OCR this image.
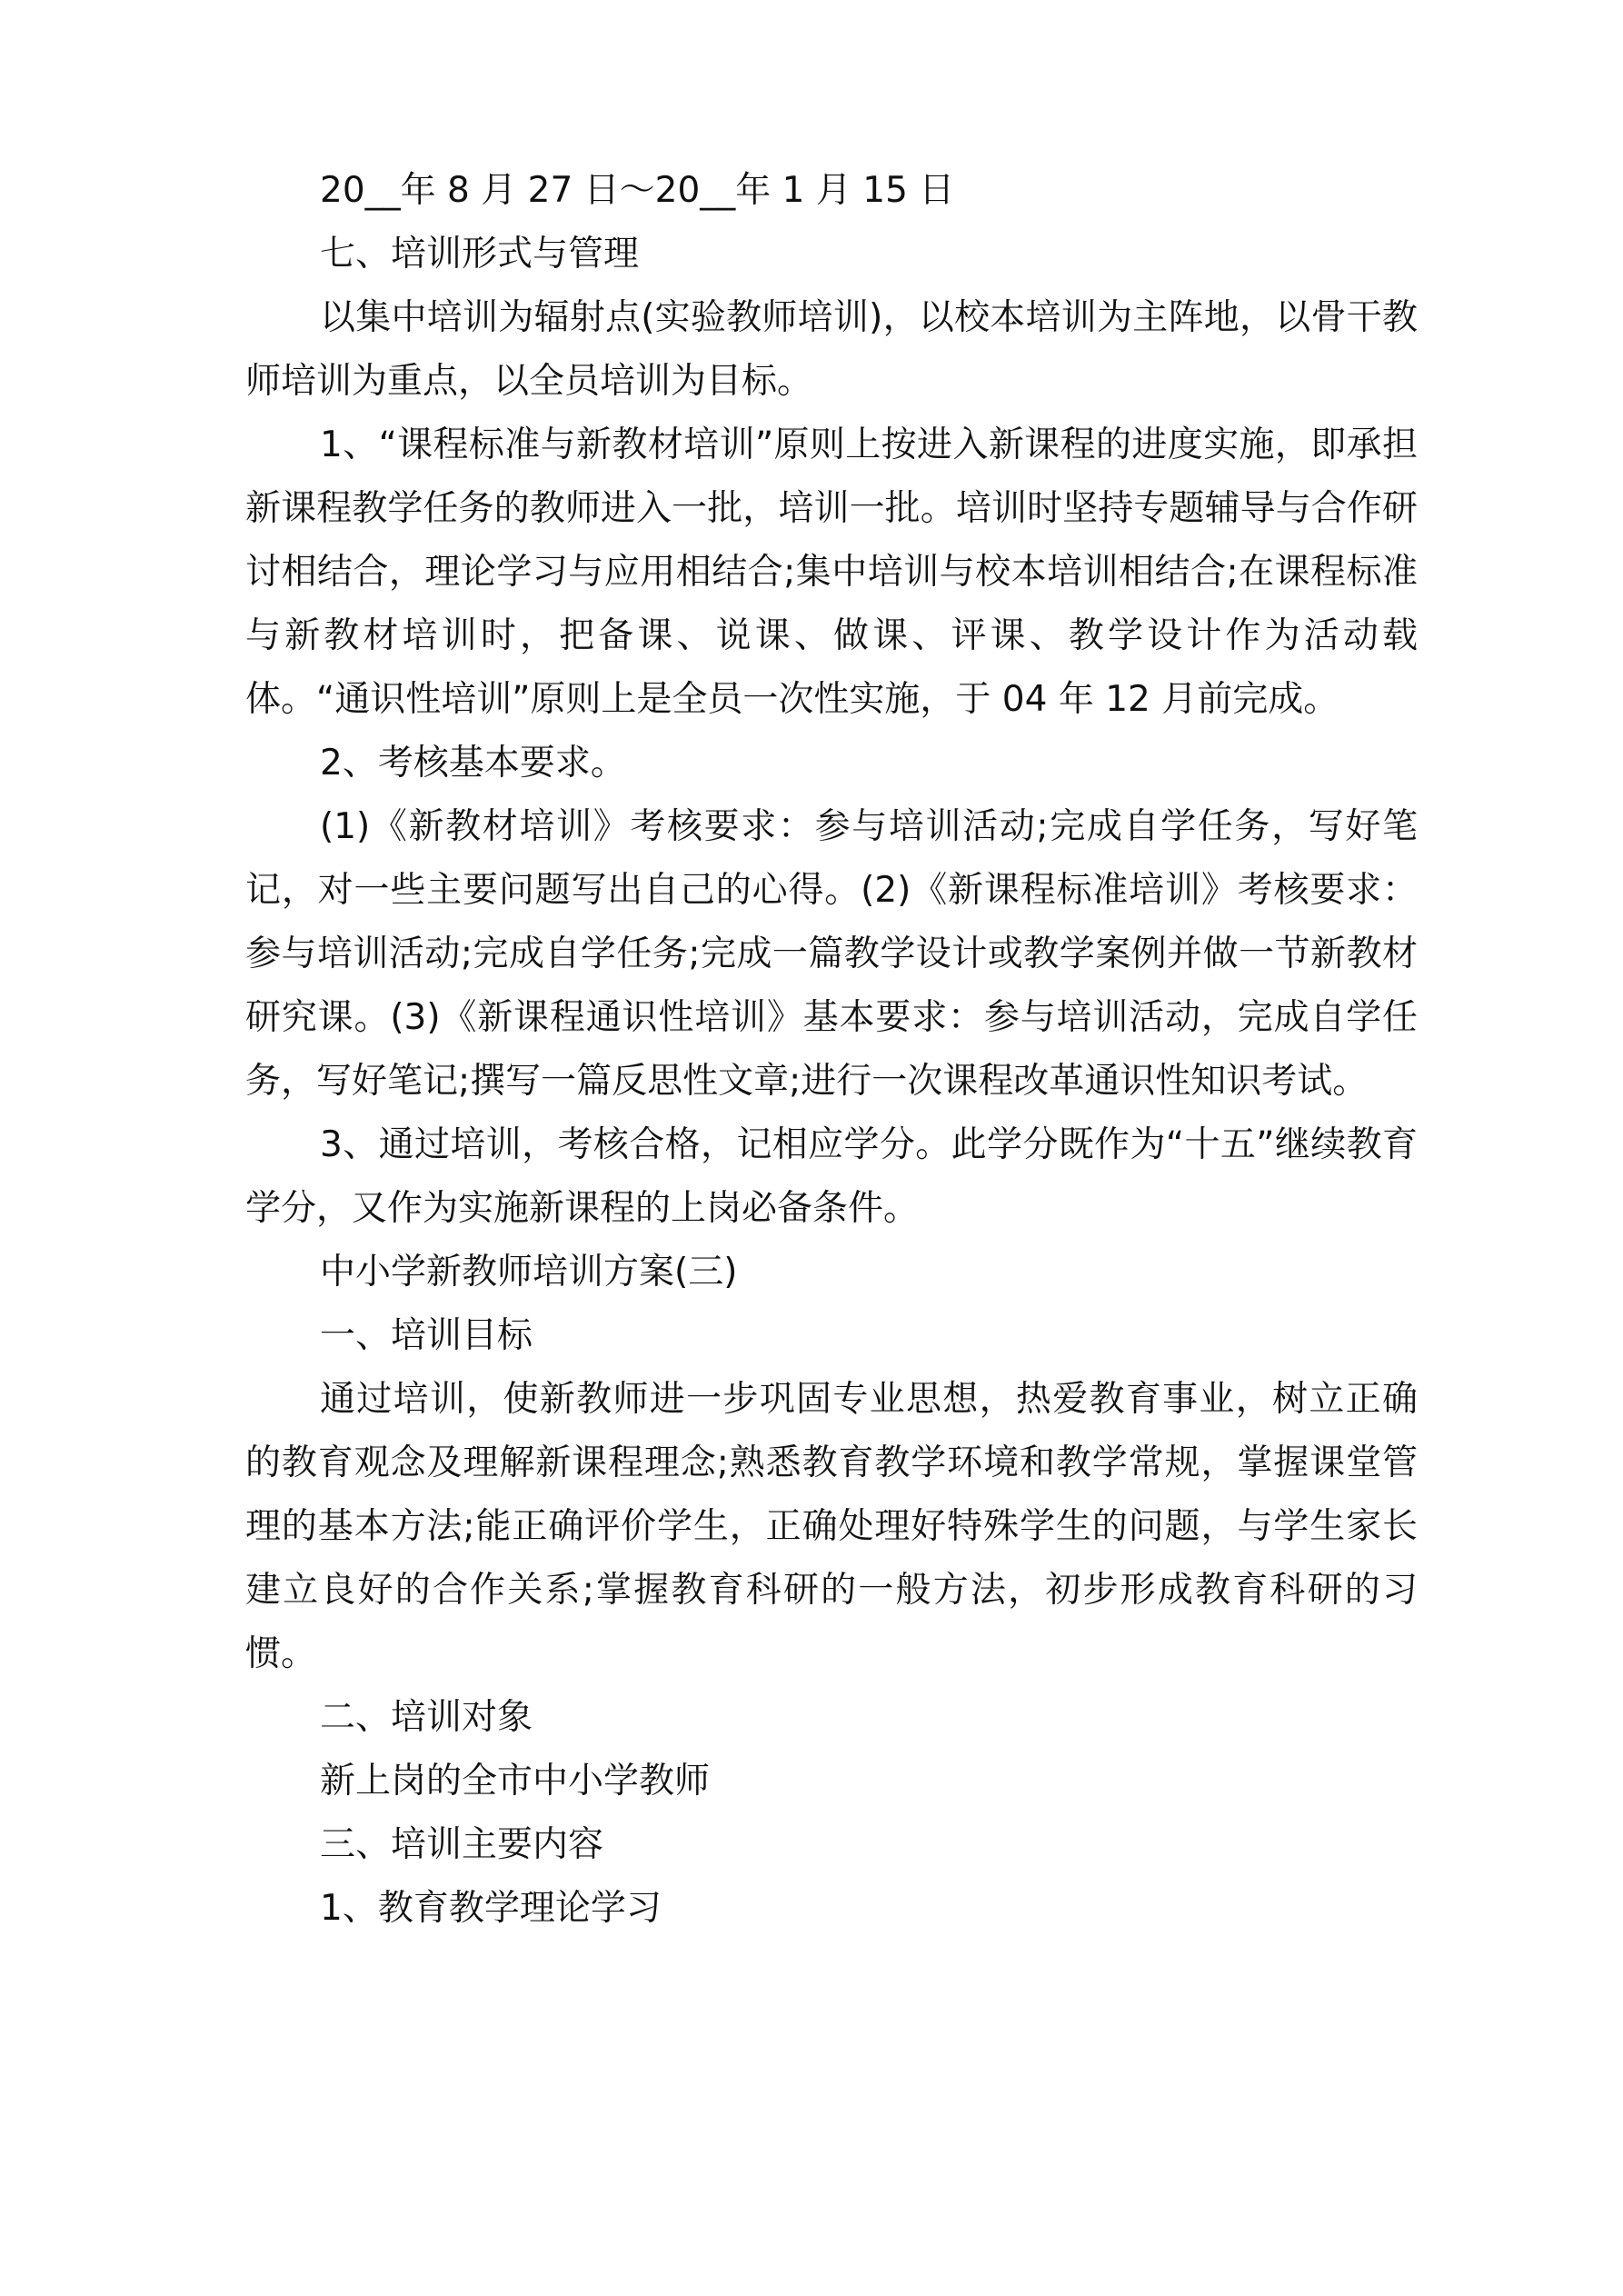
20__年 8 月 27 日～20__年 1 月 15 日

七、培训形式与管理

以集中培训为辐射点(实验教师培训)，以校本培训为主阵地，以骨干教师培训为重点，以全员培训为目标。

1、“课程标准与新教材培训”原则上按进入新课程的进度实施，即承担新课程教学任务的教师进入一批，培训一批。培训时坚持专题辅导与合作研讨相结合，理论学习与应用相结合;集中培训与校本培训相结合;在课程标准与新教材培训时，把备课、说课、做课、评课、教学设计作为活动载体。“通识性培训”原则上是全员一次性实施，于 04 年 12 月前完成。

2、考核基本要求。

(1)《新教材培训》考核要求：参与培训活动;完成自学任务，写好笔记，对一些主要问题写出自己的心得。(2)《新课程标准培训》考核要求：参与培训活动;完成自学任务;完成一篇教学设计或教学案例并做一节新教材研究课。(3)《新课程通识性培训》基本要求：参与培训活动，完成自学任务，写好笔记;撰写一篇反思性文章;进行一次课程改革通识性知识考试。

3、通过培训，考核合格，记相应学分。此学分既作为“十五”继续教育学分，又作为实施新课程的上岗必备条件。

中小学新教师培训方案(三)

一、培训目标

通过培训，使新教师进一步巩固专业思想，热爱教育事业，树立正确的教育观念及理解新课程理念;熟悉教育教学环境和教学常规，掌握课堂管理的基本方法;能正确评价学生，正确处理好特殊学生的问题，与学生家长建立良好的合作关系;掌握教育科研的一般方法，初步形成教育科研的习惯。

二、培训对象

新上岗的全市中小学教师

三、培训主要内容

1、教育教学理论学习
